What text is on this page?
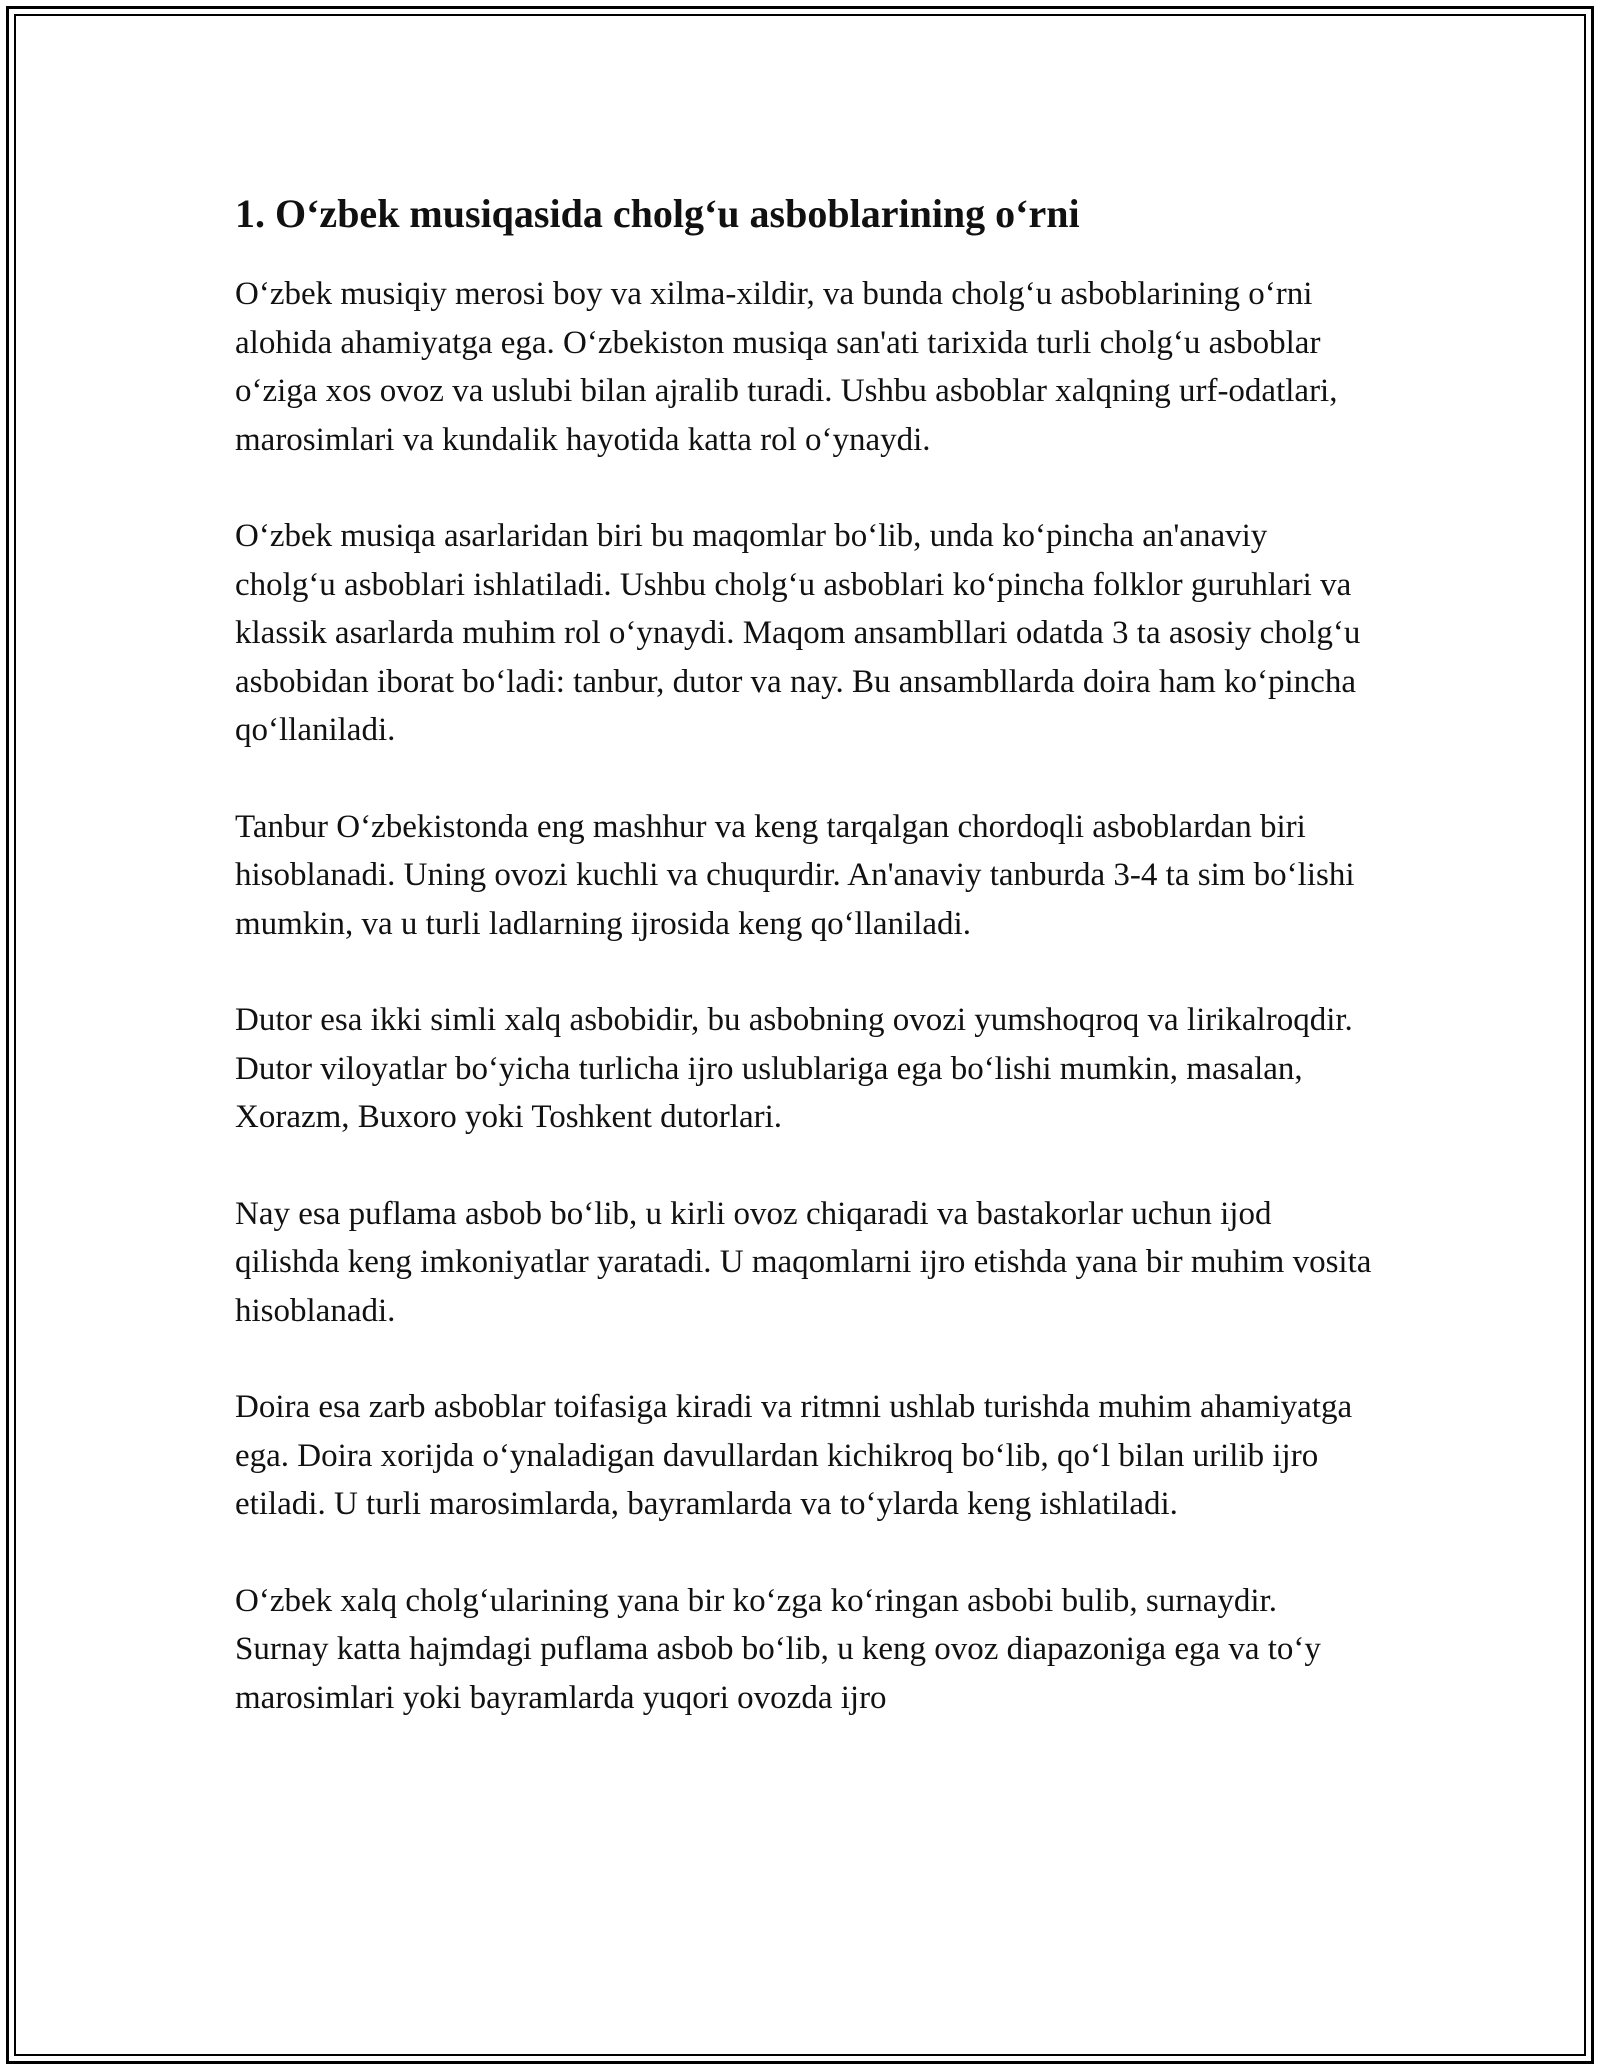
1. O‘zbek musiqasida cholg‘u asboblarining o‘rni

O‘zbek musiqiy merosi boy va xilma-xildir, va bunda cholg‘u asboblarining o‘rni alohida ahamiyatga ega. O‘zbekiston musiqa san'ati tarixida turli cholg‘u asboblar o‘ziga xos ovoz va uslubi bilan ajralib turadi. Ushbu asboblar xalqning urf-odatlari, marosimlari va kundalik hayotida katta rol o‘ynaydi.

O‘zbek musiqa asarlaridan biri bu maqomlar bo‘lib, unda ko‘pincha an'anaviy cholg‘u asboblari ishlatiladi. Ushbu cholg‘u asboblari ko‘pincha folklor guruhlari va klassik asarlarda muhim rol o‘ynaydi. Maqom ansambllari odatda 3 ta asosiy cholg‘u asbobidan iborat bo‘ladi: tanbur, dutor va nay. Bu ansambllarda doira ham ko‘pincha qo‘llaniladi.

Tanbur O‘zbekistonda eng mashhur va keng tarqalgan chordoqli asboblardan biri hisoblanadi. Uning ovozi kuchli va chuqurdir. An'anaviy tanburda 3-4 ta sim bo‘lishi mumkin, va u turli ladlarning ijrosida keng qo‘llaniladi.

Dutor esa ikki simli xalq asbobidir, bu asbobning ovozi yumshoqroq va lirikalroqdir. Dutor viloyatlar bo‘yicha turlicha ijro uslublariga ega bo‘lishi mumkin, masalan, Xorazm, Buxoro yoki Toshkent dutorlari.

Nay esa puflama asbob bo‘lib, u kirli ovoz chiqaradi va bastakorlar uchun ijod qilishda keng imkoniyatlar yaratadi. U maqomlarni ijro etishda yana bir muhim vosita hisoblanadi.

Doira esa zarb asboblar toifasiga kiradi va ritmni ushlab turishda muhim ahamiyatga ega. Doira xorijda o‘ynaladigan davullardan kichikroq bo‘lib, qo‘l bilan urilib ijro etiladi. U turli marosimlarda, bayramlarda va to‘ylarda keng ishlatiladi.

O‘zbek xalq cholg‘ularining yana bir ko‘zga ko‘ringan asbobi bulib, surnaydir. Surnay katta hajmdagi puflama asbob bo‘lib, u keng ovoz diapazoniga ega va to‘y marosimlari yoki bayramlarda yuqori ovozda ijro
